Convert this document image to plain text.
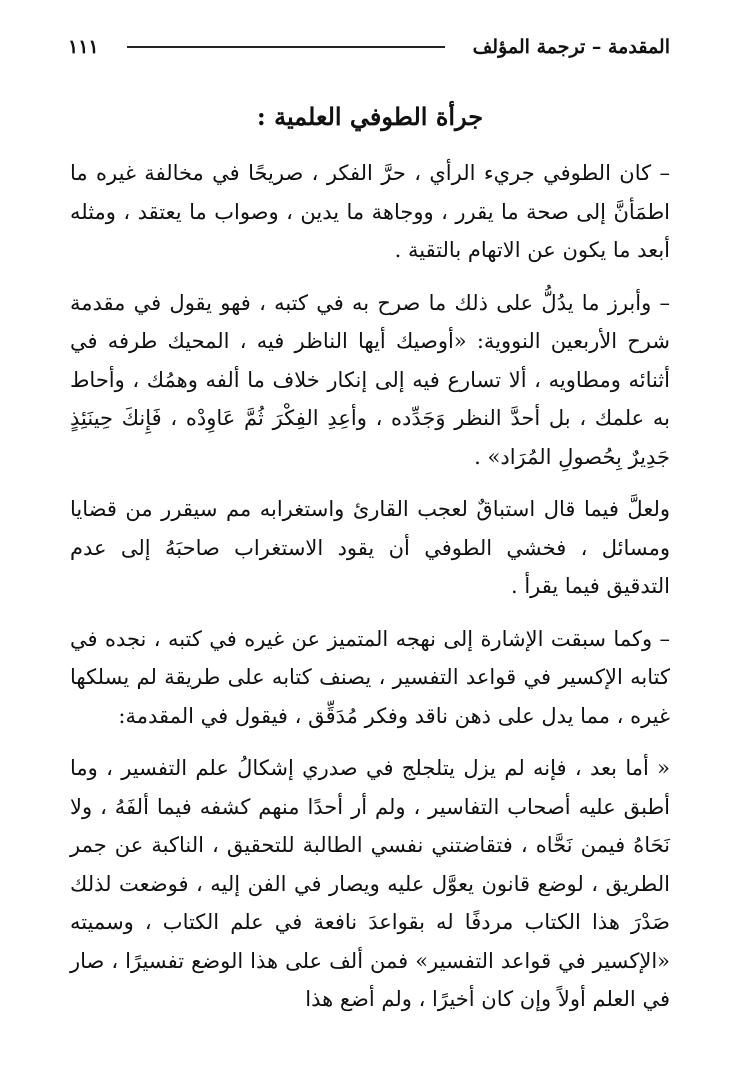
المقدمة – ترجمة المؤلف
١١١
جرأة الطوفي العلمية :

– كان الطوفي جريء الرأي ، حرَّ الفكر ، صريحًا في مخالفة غيره ما اطمَأنَّ إلى صحة ما يقرر ، ووجاهة ما يدين ، وصواب ما يعتقد ، ومثله أبعد ما يكون عن الاتهام بالتقية .

– وأبرز ما يدُلُّ على ذلك ما صرح به في كتبه ، فهو يقول في مقدمة شرح الأربعين النووية: «أوصيك أيها الناظر فيه ، المحيك طرفه في أثنائه ومطاويه ، ألا تسارع فيه إلى إنكار خلاف ما ألفه وهمُك ، وأحاط به علمك ، بل أحدَّ النظر وَجَدِّده ، وأعِدِ الفِكْرَ ثُمَّ عَاوِدْه ، فَإِنكَ حِينَئِذٍ جَدِيرٌ بِحُصولِ المُرَاد» .

ولعلَّ فيما قال استباقٌ لعجب القارئ واستغرابه مم سيقرر من قضايا ومسائل ، فخشي الطوفي أن يقود الاستغراب صاحبَهُ إلى عدم التدقيق فيما يقرأ .

– وكما سبقت الإشارة إلى نهجه المتميز عن غيره في كتبه ، نجده في كتابه الإكسير في قواعد التفسير ، يصنف كتابه على طريقة لم يسلكها غيره ، مما يدل على ذهن ناقد وفكر مُدَقِّق ، فيقول في المقدمة:

« أما بعد ، فإنه لم يزل يتلجلج في صدري إشكالُ علم التفسير ، وما أطبق عليه أصحاب التفاسير ، ولم أر أحدًا منهم كشفه فيما ألفَهُ ، ولا نَحَاهُ فيمن نَحَّاه ، فتقاضتني نفسي الطالبة للتحقيق ، الناكبة عن جمر الطريق ، لوضع قانون يعوَّل عليه ويصار في الفن إليه ، فوضعت لذلك صَدْرَ هذا الكتاب مردفًا له بقواعدَ نافعة في علم الكتاب ، وسميته «الإكسير في قواعد التفسير» فمن ألف على هذا الوضع تفسيرًا ، صار في العلم أولاً وإن كان أخيرًا ، ولم أضع هذا
